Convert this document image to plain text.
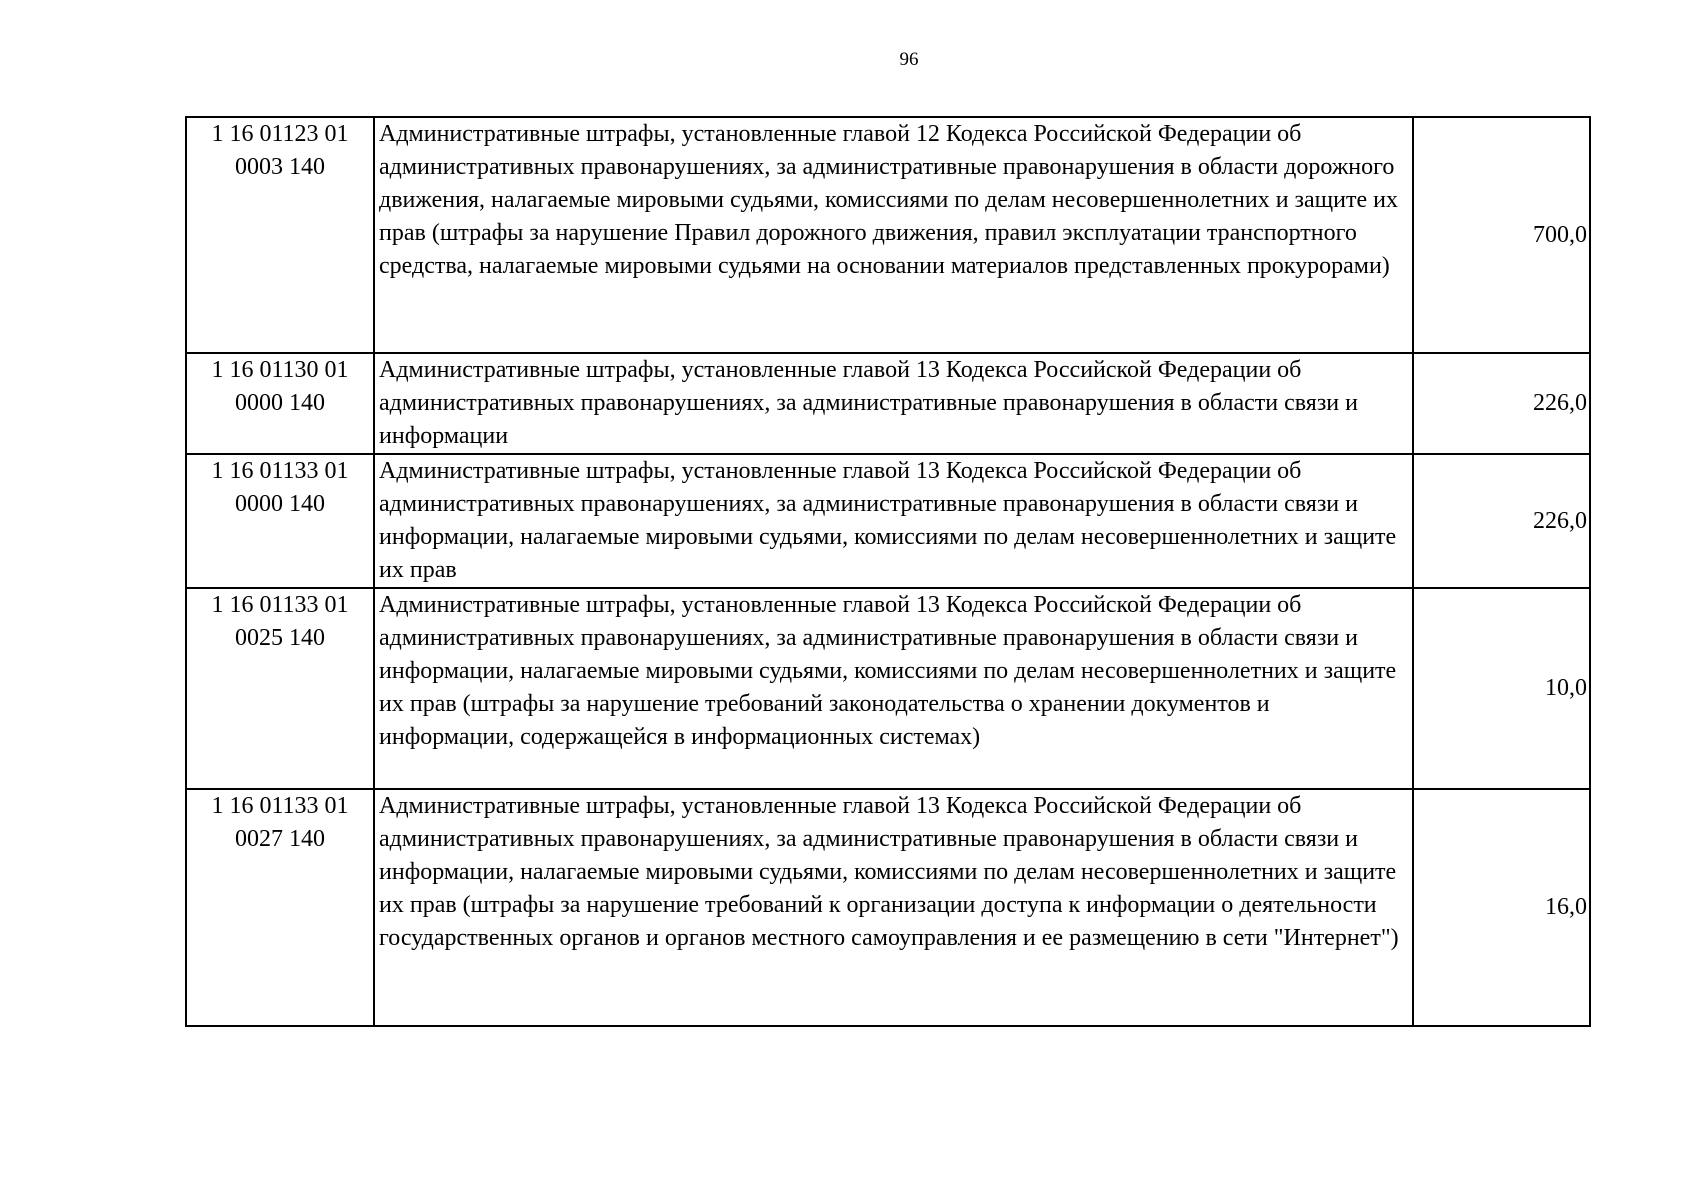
96
1 16 01123 01
0003 140	Административные штрафы, установленные главой 12 Кодекса Российской Федерации об административных правонарушениях, за административные правонарушения в области дорожного движения, налагаемые мировыми судьями, комиссиями по делам несовершеннолетних и защите их прав (штрафы за нарушение Правил дорожного движения, правил эксплуатации транспортного средства, налагаемые мировыми судьями на основании материалов представленных прокурорами)	700,0

1 16 01130 01
0000 140	Административные штрафы, установленные главой 13 Кодекса Российской Федерации об административных правонарушениях, за административные правонарушения в области связи и информации	226,0

1 16 01133 01
0000 140	Административные штрафы, установленные главой 13 Кодекса Российской Федерации об административных правонарушениях, за административные правонарушения в области связи и информации, налагаемые мировыми судьями, комиссиями по делам несовершеннолетних и защите их прав	226,0

1 16 01133 01
0025 140	Административные штрафы, установленные главой 13 Кодекса Российской Федерации об административных правонарушениях, за административные правонарушения в области связи и информации, налагаемые мировыми судьями, комиссиями по делам несовершеннолетних и защите их прав (штрафы за нарушение требований законодательства о хранении документов и информации, содержащейся в информационных системах)	10,0

1 16 01133 01
0027 140	Административные штрафы, установленные главой 13 Кодекса Российской Федерации об административных правонарушениях, за административные правонарушения в области связи и информации, налагаемые мировыми судьями, комиссиями по делам несовершеннолетних и защите их прав (штрафы за нарушение требований к организации доступа к информации о деятельности государственных органов и органов местного самоуправления и ее размещению в сети "Интернет")	16,0
